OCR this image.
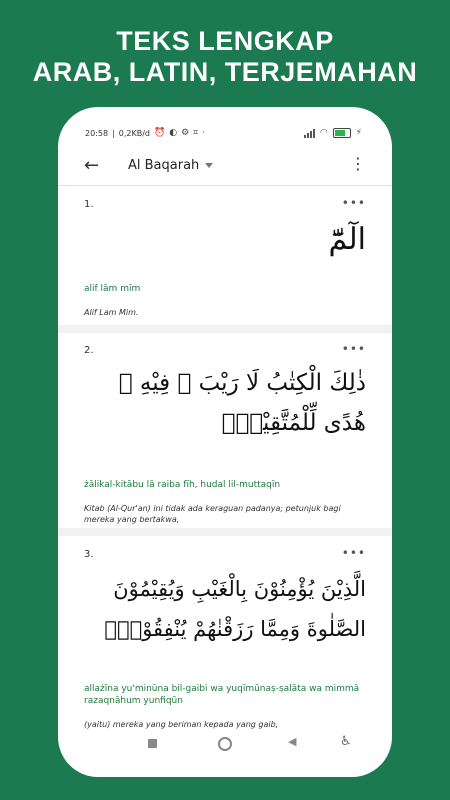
TEKS LENGKAP
ARAB, LATIN, TERJEMAHAN
20:58 | 0,2KB/d ⏰ ◐ ⚙ ⌗ ·	◠	⚡
← Al Baqarah	⋮
1.	•••
الٓمّٓ
alif lām mīm
Alif Lam Mim.
2.	•••
ذٰلِكَ الْكِتٰبُ لَا رَيْبَ ۛ فِيْهِ ۛ هُدًى لِّلْمُتَّقِيْنَۙ
żālikal-kitābu lā raiba fīh, hudal lil-muttaqīn
Kitab (Al-Qur'an) ini tidak ada keraguan padanya; petunjuk bagi mereka yang bertakwa,
3.	•••
الَّذِيْنَ يُؤْمِنُوْنَ بِالْغَيْبِ وَيُقِيْمُوْنَ الصَّلٰوةَ وَمِمَّا رَزَقْنٰهُمْ يُنْفِقُوْنَۙ
allażīna yu'minūna bil-gaibi wa yuqīmūnaṣ-ṣalāta wa mimmā razaqnāhum yunfiqūn
(yaitu) mereka yang beriman kepada yang gaib,
◀	♿
